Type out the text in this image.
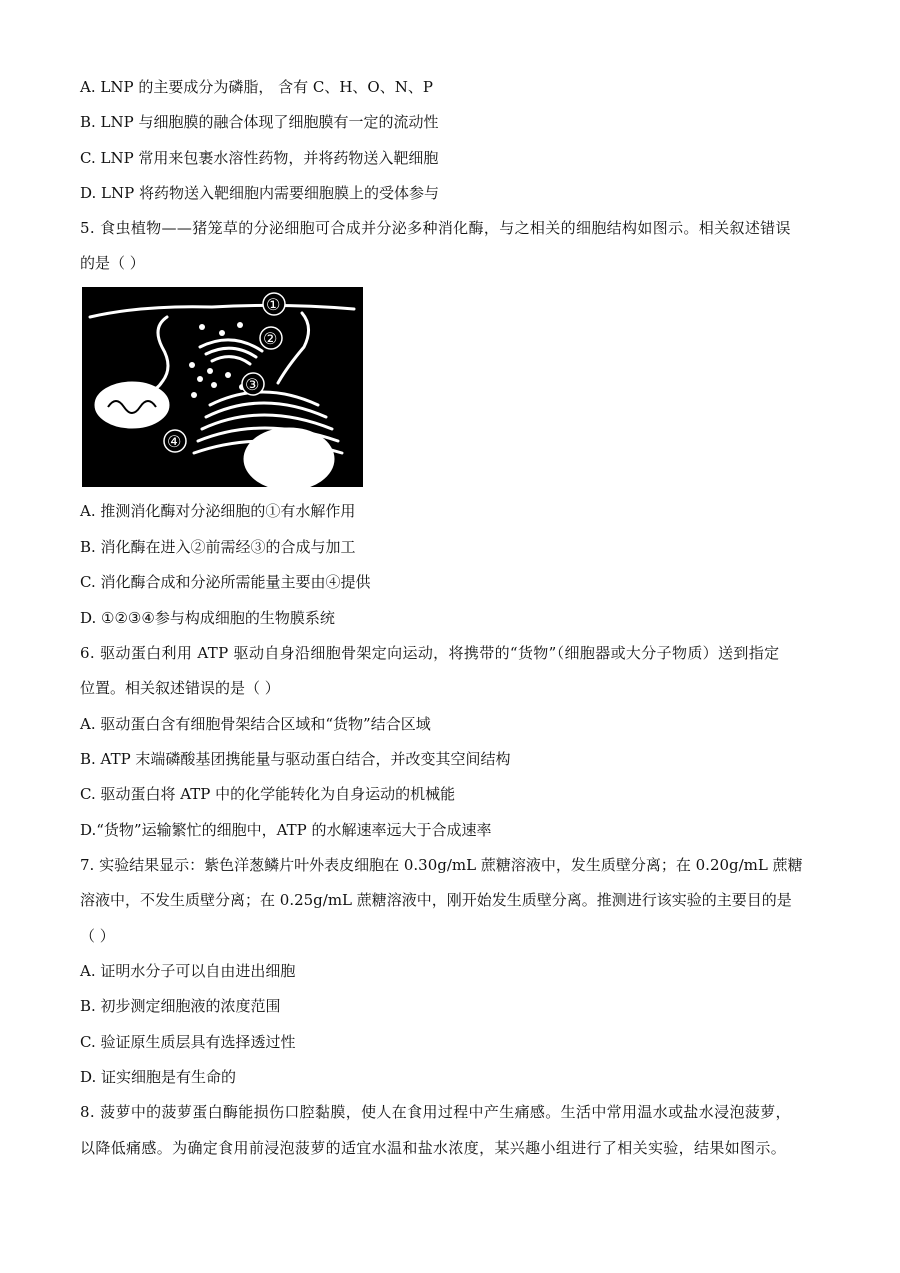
A. LNP 的主要成分为磷脂， 含有 C、H、O、N、P
B. LNP 与细胞膜的融合体现了细胞膜有一定的流动性
C. LNP 常用来包裹水溶性药物，并将药物送入靶细胞
D. LNP 将药物送入靶细胞内需要细胞膜上的受体参与
5. 食虫植物——猪笼草的分泌细胞可合成并分泌多种消化酶，与之相关的细胞结构如图示。相关叙述错误
的是（ ）
①
②
③
④
A. 推测消化酶对分泌细胞的①有水解作用
B. 消化酶在进入②前需经③的合成与加工
C. 消化酶合成和分泌所需能量主要由④提供
D. ①②③④参与构成细胞的生物膜系统
6. 驱动蛋白利用 ATP 驱动自身沿细胞骨架定向运动，将携带的“货物”（细胞器或大分子物质）送到指定
位置。相关叙述错误的是（ ）
A. 驱动蛋白含有细胞骨架结合区域和“货物”结合区域
B. ATP 末端磷酸基团携能量与驱动蛋白结合，并改变其空间结构
C. 驱动蛋白将 ATP 中的化学能转化为自身运动的机械能
D.“货物”运输繁忙的细胞中，ATP 的水解速率远大于合成速率
7. 实验结果显示：紫色洋葱鳞片叶外表皮细胞在 0.30g/mL 蔗糖溶液中，发生质壁分离；在 0.20g/mL 蔗糖
溶液中，不发生质壁分离；在 0.25g/mL 蔗糖溶液中，刚开始发生质壁分离。推测进行该实验的主要目的是
（ ）
A. 证明水分子可以自由进出细胞
B. 初步测定细胞液的浓度范围
C. 验证原生质层具有选择透过性
D. 证实细胞是有生命的
8. 菠萝中的菠萝蛋白酶能损伤口腔黏膜，使人在食用过程中产生痛感。生活中常用温水或盐水浸泡菠萝，
以降低痛感。为确定食用前浸泡菠萝的适宜水温和盐水浓度，某兴趣小组进行了相关实验，结果如图示。
